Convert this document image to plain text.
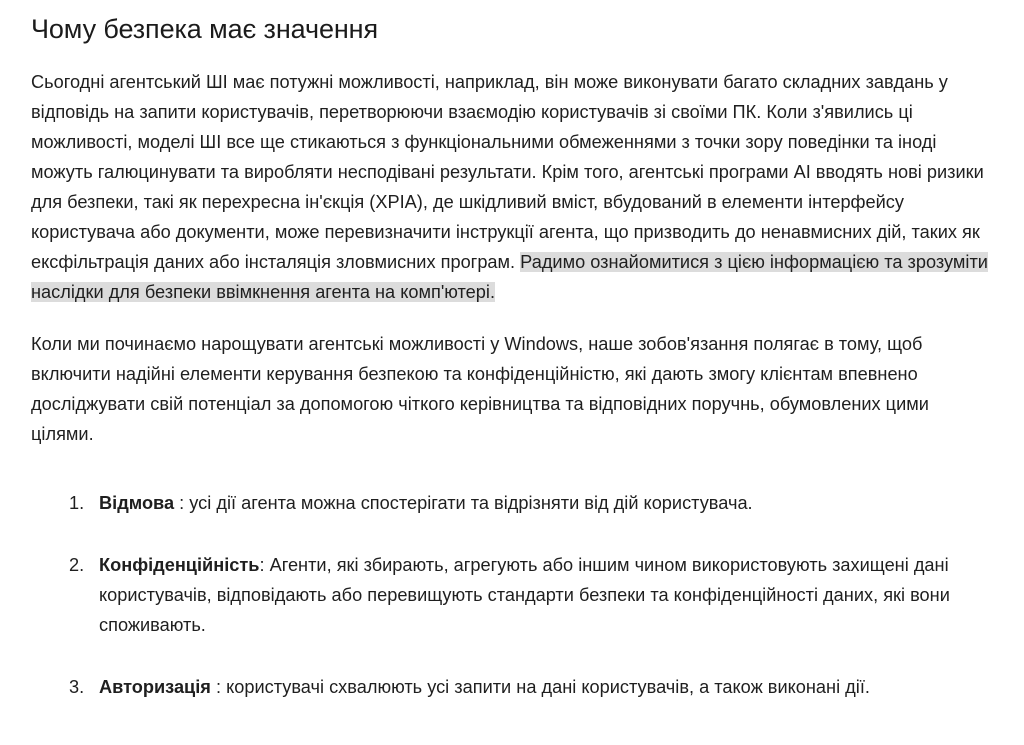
Чому безпека має значення

Сьогодні агентський ШІ має потужні можливості, наприклад, він може виконувати багато складних завдань у відповідь на запити користувачів, перетворюючи взаємодію користувачів зі своїми ПК. Коли з'явились ці можливості, моделі ШІ все ще стикаються з функціональними обмеженнями з точки зору поведінки та іноді можуть галюцинувати та виробляти несподівані результати. Крім того, агентські програми AI вводять нові ризики для безпеки, такі як перехресна ін'єкція (XPIA), де шкідливий вміст, вбудований в елементи інтерфейсу користувача або документи, може перевизначити інструкції агента, що призводить до ненавмисних дій, таких як ексфільтрація даних або інсталяція зловмисних програм. Радимо ознайомитися з цією інформацією та зрозуміти наслідки для безпеки ввімкнення агента на комп'ютері.

Коли ми починаємо нарощувати агентські можливості у Windows, наше зобов'язання полягає в тому, щоб включити надійні елементи керування безпекою та конфіденційністю, які дають змогу клієнтам впевнено досліджувати свій потенціал за допомогою чіткого керівництва та відповідних поручнь, обумовлених цими цілями.

1. Відмова : усі дії агента можна спостерігати та відрізняти від дій користувача.
2. Конфіденційність: Агенти, які збирають, агрегують або іншим чином використовують захищені дані користувачів, відповідають або перевищують стандарти безпеки та конфіденційності даних, які вони споживають.
3. Авторизація : користувачі схвалюють усі запити на дані користувачів, а також виконані дії.
